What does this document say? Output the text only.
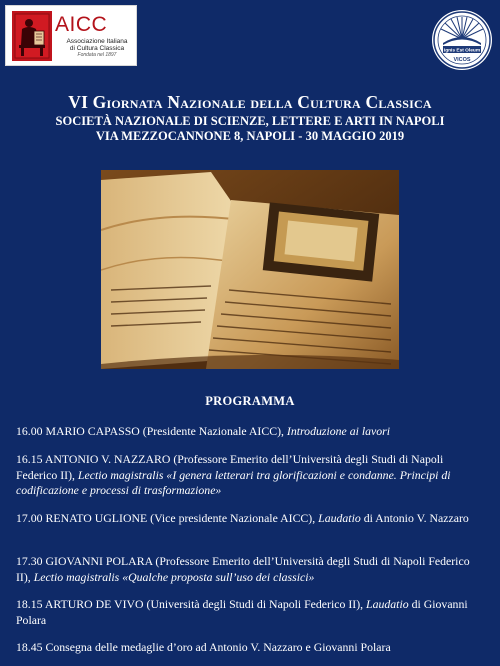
AICC
Associazione Italiana
di Cultura Classica
Fondata nel 1897
Ignis Est Oleum
VICOS
VI Giornata Nazionale della Cultura Classica
SOCIETÀ NAZIONALE DI SCIENZE, LETTERE E ARTI IN NAPOLI
VIA MEZZOCANNONE 8, NAPOLI - 30 MAGGIO 2019
PROGRAMMA
16.00 MARIO CAPASSO (Presidente Nazionale AICC), Introduzione ai lavori
16.15 ANTONIO V. NAZZARO (Professore Emerito dell’Università degli Studi di Napoli Federico II), Lectio magistralis «I genera letterari tra glorificazioni e condanne. Principi di codificazione e processi di trasformazione»
17.00 RENATO UGLIONE (Vice presidente Nazionale AICC), Laudatio di Antonio V. Nazzaro
17.30 GIOVANNI POLARA (Professore Emerito dell’Università degli Studi di Napoli Federico II), Lectio magistralis «Qualche proposta sull’uso dei classici»
18.15 ARTURO DE VIVO (Università degli Studi di Napoli Federico II), Laudatio di Giovanni Polara
18.45 Consegna delle medaglie d’oro ad Antonio V. Nazzaro e Giovanni Polara
